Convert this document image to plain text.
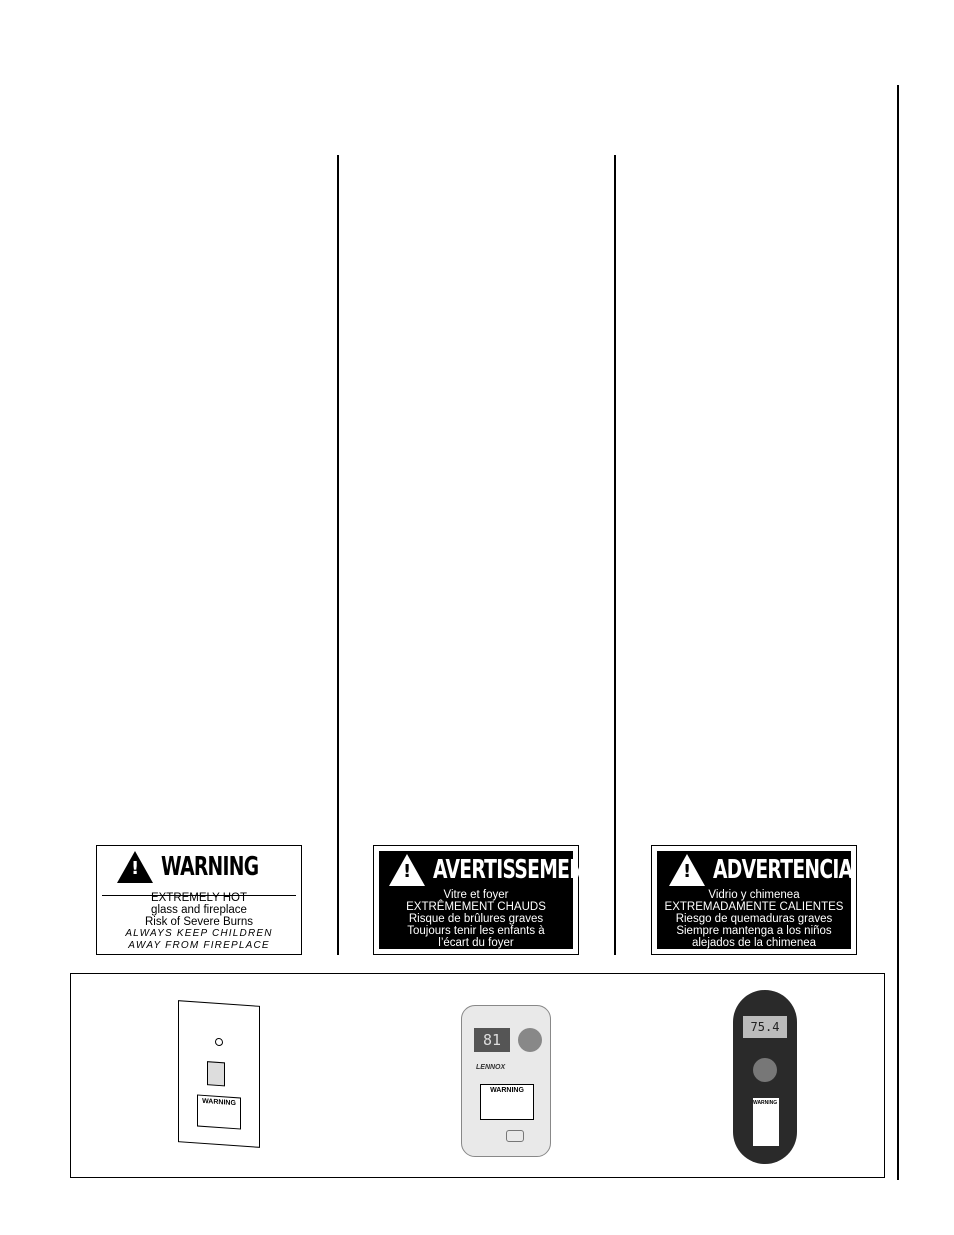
! WARNING
EXTREMELY HOT
glass and fireplace
Risk of Severe Burns
ALWAYS KEEP CHILDREN
AWAY FROM FIREPLACE
! AVERTISSEMENT
Vitre et foyer
EXTRÊMEMENT CHAUDS
Risque de brûlures graves
Toujours tenir les enfants à
l’écart du foyer
! ADVERTENCIA
Vidrio y chimenea
EXTREMADAMENTE CALIENTES
Riesgo de quemaduras graves
Siempre mantenga a los niños
alejados de la chimenea
WARNING
81
LENNOX
WARNING
75.4
WARNING
